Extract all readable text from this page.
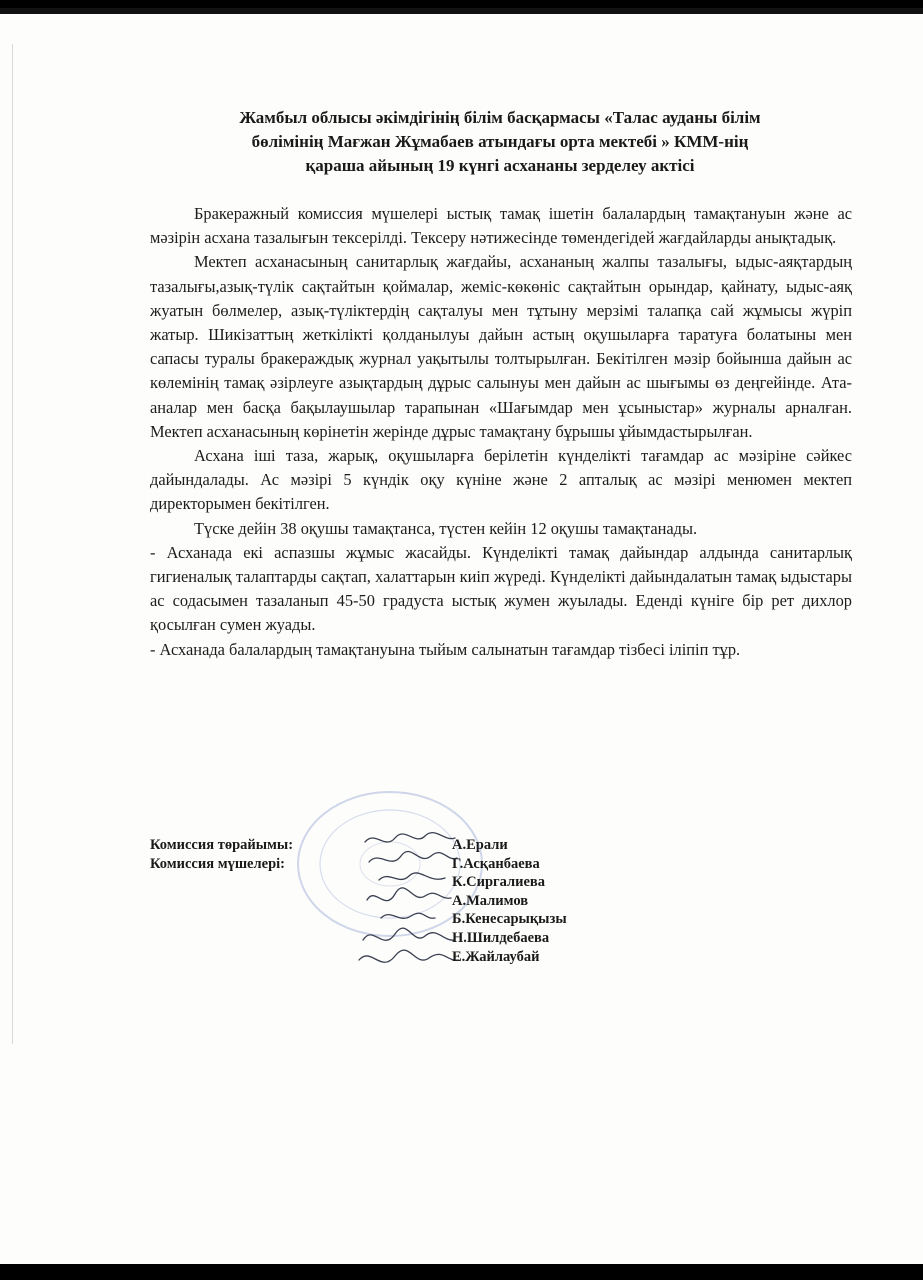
Жамбыл облысы әкімдігінің білім басқармасы «Талас ауданы білім
бөлімінің Мағжан Жұмабаев атындағы орта мектебі » КММ-нің
қараша айының 19 күнгі асхананы зерделеу актісі

Бракеражный комиссия мүшелері ыстық тамақ ішетін балалардың тамақтануын және ас мәзірін асхана тазалығын тексерілді. Тексеру нәтижесінде төмендегідей жағдайларды анықтадық.

Мектеп асханасының санитарлық жағдайы, асхананың жалпы тазалығы, ыдыс-аяқтардың тазалығы,азық-түлік сақтайтын қоймалар, жеміс-көкөніс сақтайтын орындар, қайнату, ыдыс-аяқ жуатын бөлмелер, азық-түліктердің сақталуы мен тұтыну мерзімі талапқа сай жұмысы жүріп жатыр. Шикізаттың жеткілікті қолданылуы дайын астың оқушыларға таратуға болатыны мен сапасы туралы бракераждық журнал уақытылы толтырылған. Бекітілген мәзір бойынша дайын ас көлемінің тамақ әзірлеуге азықтардың дұрыс салынуы мен дайын ас шығымы өз деңгейінде. Ата-аналар мен басқа бақылаушылар тарапынан «Шағымдар мен ұсыныстар» журналы арналған. Мектеп асханасының көрінетін жерінде дұрыс тамақтану бұрышы ұйымдастырылған.

Асхана іші таза, жарық, оқушыларға берілетін күнделікті тағамдар ас мәзіріне сәйкес дайындалады. Ас мәзірі 5 күндік оқу күніне және 2 апталық ас мәзірі менюмен мектеп директорымен бекітілген.

Түске дейін 38 оқушы тамақтанса, түстен кейін 12 оқушы тамақтанады.

- Асханада екі аспазшы жұмыс жасайды. Күнделікті тамақ дайындар алдында санитарлық гигиеналық талаптарды сақтап, халаттарын киіп жүреді. Күнделікті дайындалатын тамақ ыдыстары ас содасымен тазаланып 45-50 градуста ыстық жумен жуылады. Еденді күніге бір рет дихлор қосылған сумен жуады.

- Асханада балалардың тамақтануына тыйым салынатын тағамдар тізбесі іліпіп тұр.

Комиссия төрайымы:
Комиссия мүшелері:
А.Ерали
Г.Асқанбаева
К.Сиргалиева
А.Малимов
Б.Кенесарықызы
Н.Шилдебаева
Е.Жайлаубай
